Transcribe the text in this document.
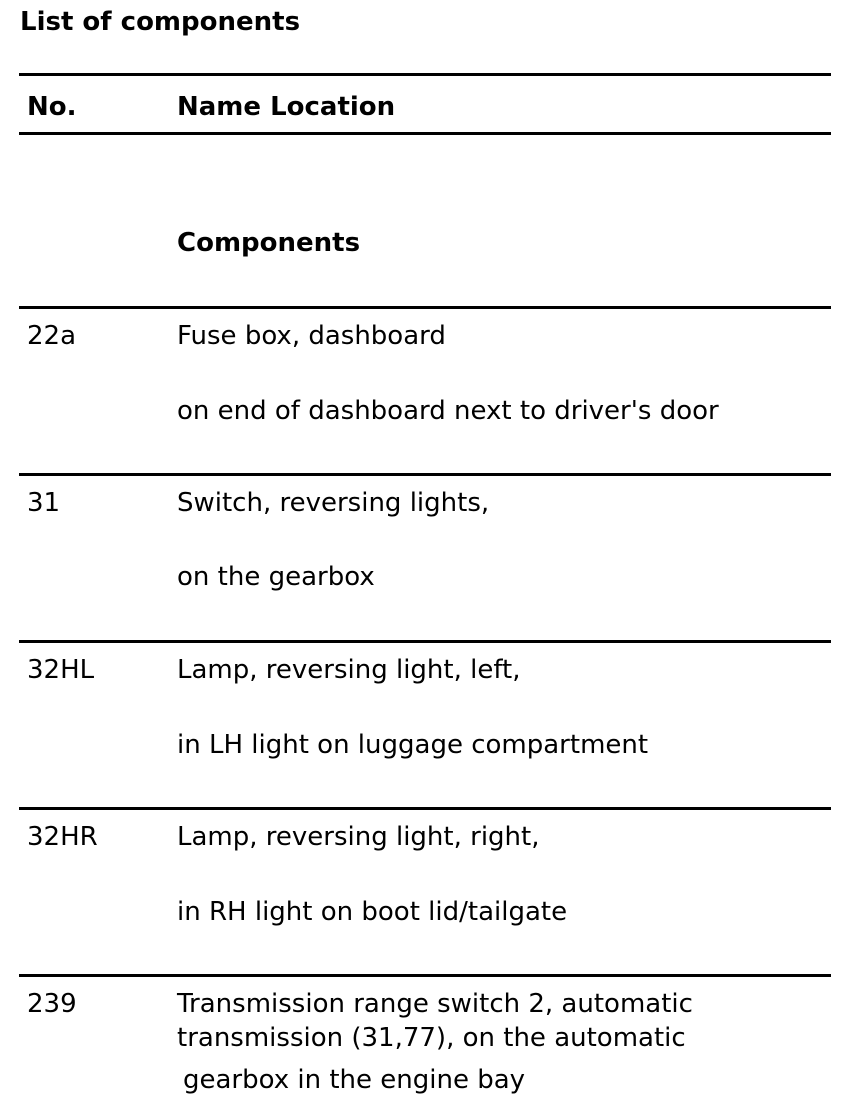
List of components
No.	Name Location
Components
22a	Fuse box, dashboard
on end of dashboard next to driver's door
31	Switch, reversing lights,
on the gearbox
32HL	Lamp, reversing light, left,
in LH light on luggage compartment
32HR	Lamp, reversing light, right,
in RH light on boot lid/tailgate
239	Transmission range switch 2, automatic
transmission (31,77), on the automatic
gearbox in the engine bay
